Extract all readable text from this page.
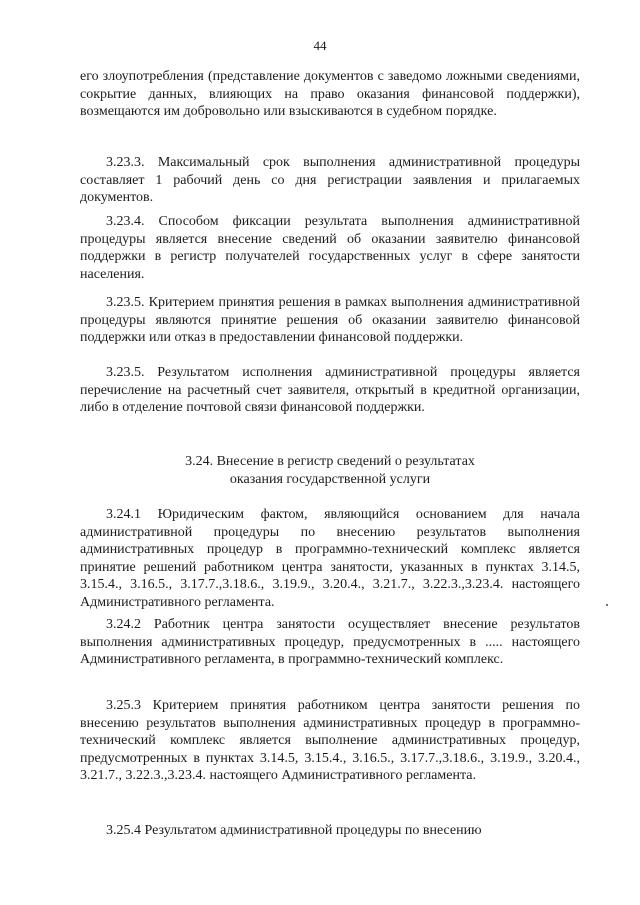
44

его злоупотребления (представление документов с заведомо ложными сведениями, сокрытие данных, влияющих на право оказания финансовой поддержки), возмещаются им добровольно или взыскиваются в судебном порядке.

3.23.3. Максимальный срок выполнения административной процедуры составляет 1 рабочий день со дня регистрации заявления и прилагаемых документов.

3.23.4. Способом фиксации результата выполнения административной процедуры является внесение сведений об оказании заявителю финансовой поддержки в регистр получателей государственных услуг в сфере занятости населения.

3.23.5. Критерием принятия решения в рамках выполнения административной процедуры являются принятие решения об оказании заявителю финансовой поддержки или отказ в предоставлении финансовой поддержки.

3.23.5. Результатом исполнения административной процедуры является перечисление на расчетный счет заявителя, открытый в кредитной организации, либо в отделение почтовой связи финансовой поддержки.

3.24. Внесение в регистр сведений о результатах
оказания государственной услуги

3.24.1 Юридическим фактом, являющийся основанием для начала административной процедуры по внесению результатов выполнения административных процедур в программно-технический комплекс является принятие решений работником центра занятости, указанных в пунктах 3.14.5, 3.15.4., 3.16.5., 3.17.7.,3.18.6., 3.19.9., 3.20.4., 3.21.7., 3.22.3.,3.23.4. настоящего Административного регламента.

3.24.2 Работник центра занятости осуществляет внесение результатов выполнения административных процедур, предусмотренных в ..... настоящего Административного регламента, в программно-технический комплекс.

3.25.3 Критерием принятия работником центра занятости решения по внесению результатов выполнения административных процедур в программно-технический комплекс является выполнение административных процедур, предусмотренных в пунктах 3.14.5, 3.15.4., 3.16.5., 3.17.7.,3.18.6., 3.19.9., 3.20.4., 3.21.7., 3.22.3.,3.23.4. настоящего Административного регламента.

3.25.4 Результатом административной процедуры по внесению
